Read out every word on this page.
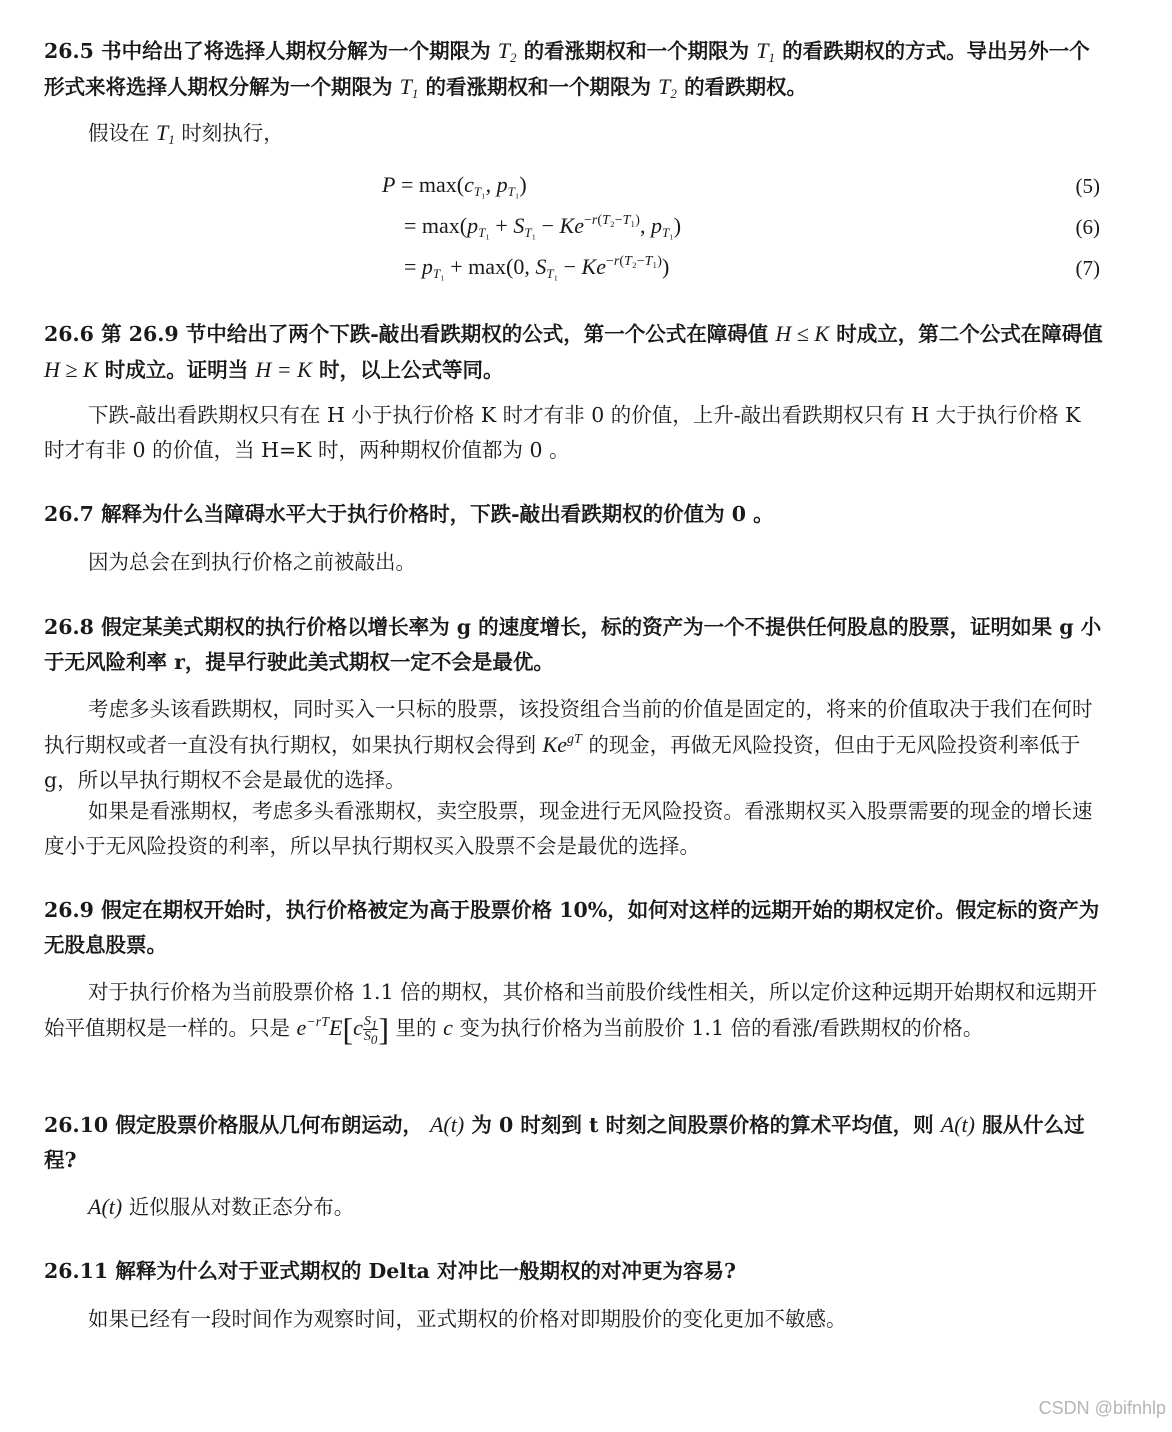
26.5 书中给出了将选择人期权分解为一个期限为 $T_2$ 的看涨期权和一个期限为 $T_1$ 的看跌期权的方式。导出另外一个形式来将选择人期权分解为一个期限为 $T_1$ 的看涨期权和一个期限为 $T_2$ 的看跌期权。
假设在 $T_1$ 时刻执行，
$P = \max(c_{T_1}$, $p_{T_1}$)	(5)
= $\max(p_{T_1} + S_{T_1} - Ke^{-r(T_2-T_1)}$, $p_{T_1}$)	(6)
= $p_{T_1} + \max(0$, $S_{T_1} - Ke^{-r(T_2-T_1)}$)	(7)
26.6 第 26.9 节中给出了两个下跌-敲出看跌期权的公式，第一个公式在障碍值 H ≤ K 时成立，第二个公式在障碍值 H ≥ K 时成立。证明当 H = K 时，以上公式等同。
下跌-敲出看跌期权只有在 H 小于执行价格 K 时才有非 0 的价值，上升-敲出看跌期权只有 H 大于执行价格 K 时才有非 0 的价值，当 H=K 时，两种期权价值都为 0 。
26.7 解释为什么当障碍水平大于执行价格时，下跌-敲出看跌期权的价值为 0 。
因为总会在到执行价格之前被敲出。
26.8 假定某美式期权的执行价格以增长率为 g 的速度增长，标的资产为一个不提供任何股息的股票，证明如果 g 小于无风险利率 r，提早行驶此美式期权一定不会是最优。
考虑多头该看跌期权，同时买入一只标的股票，该投资组合当前的价值是固定的，将来的价值取决于我们在何时执行期权或者一直没有执行期权，如果执行期权会得到 $Ke^{gT}$ 的现金，再做无风险投资，但由于无风险投资利率低于 g，所以早执行期权不会是最优的选择。
如果是看涨期权，考虑多头看涨期权，卖空股票，现金进行无风险投资。看涨期权买入股票需要的现金的增长速度小于无风险投资的利率，所以早执行期权买入股票不会是最优的选择。
26.9 假定在期权开始时，执行价格被定为高于股票价格 10%，如何对这样的远期开始的期权定价。假定标的资产为无股息股票。
对于执行价格为当前股票价格 1.1 倍的期权，其价格和当前股价线性相关，所以定价这种远期开始期权和远期开始平值期权是一样的。只是 $e^{-rT}E[c \frac{S_1}{S_0}$ ] 里的 c 变为执行价格为当前股价 1.1 倍的看涨/看跌期权的价格。
26.10 假定股票价格服从几何布朗运动， A(t) 为 0 时刻到 t 时刻之间股票价格的算术平均值，则 A(t) 服从什么过程?
A(t) 近似服从对数正态分布。
26.11 解释为什么对于亚式期权的 Delta 对冲比一般期权的对冲更为容易?
如果已经有一段时间作为观察时间，亚式期权的价格对即期股价的变化更加不敏感。
CSDN @bifnhlp
